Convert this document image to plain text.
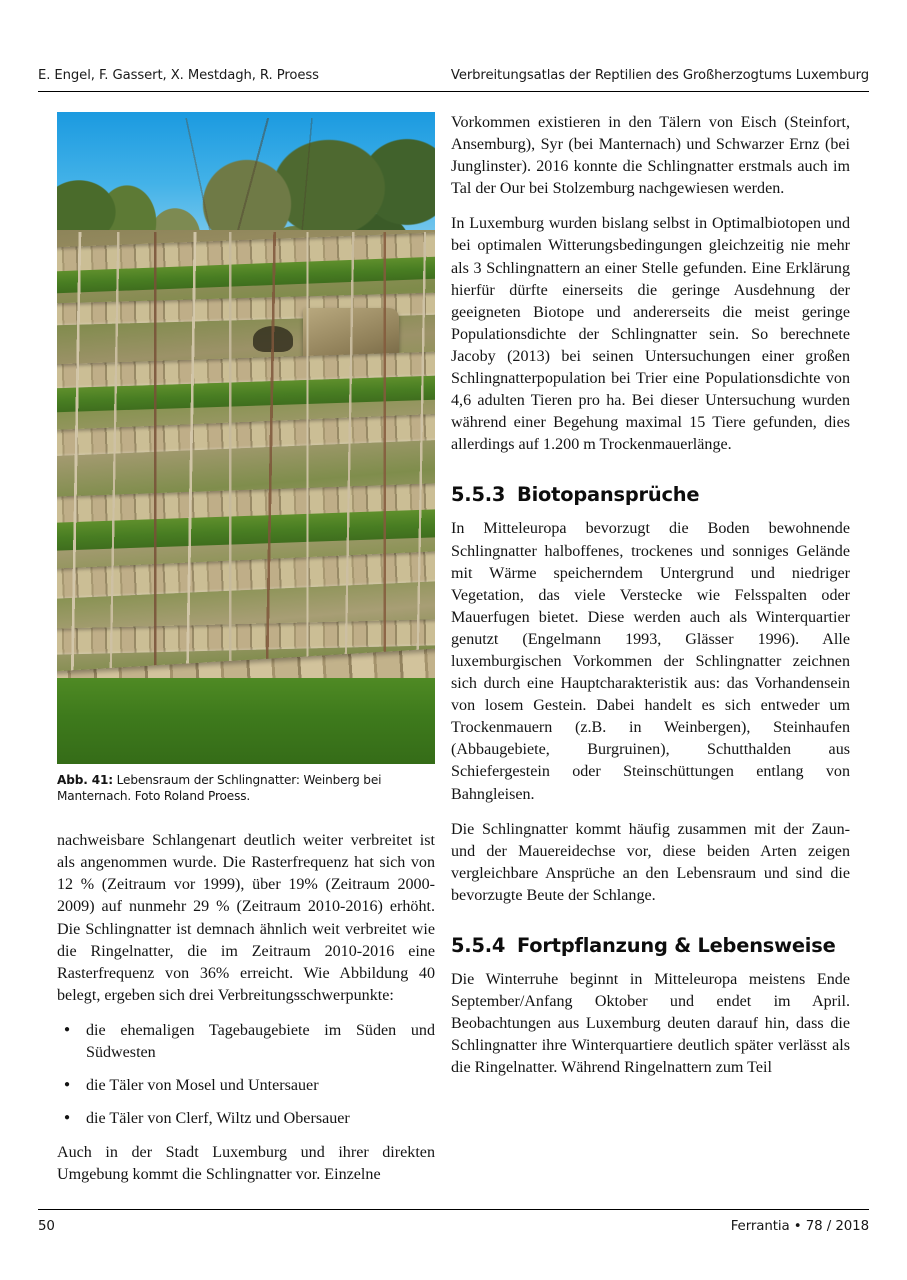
E. Engel, F. Gassert, X. Mestdagh, R. Proess	Verbreitungsatlas der Reptilien des Großherzogtums Luxemburg
Abb. 41: Lebensraum der Schlingnatter: Weinberg bei Manternach. Foto Roland Proess.

nachweisbare Schlangenart deutlich weiter verbreitet ist als angenommen wurde. Die Rasterfrequenz hat sich von 12 % (Zeitraum vor 1999), über 19% (Zeitraum 2000-2009) auf nunmehr 29 % (Zeitraum 2010-2016) erhöht. Die Schlingnatter ist demnach ähnlich weit verbreitet wie die Ringelnatter, die im Zeitraum 2010-2016 eine Rasterfrequenz von 36% erreicht. Wie Abbildung 40 belegt, ergeben sich drei Verbreitungsschwerpunkte:

● die ehemaligen Tagebaugebiete im Süden und Südwesten
● die Täler von Mosel und Untersauer
● die Täler von Clerf, Wiltz und Obersauer

Auch in der Stadt Luxemburg und ihrer direkten Umgebung kommt die Schlingnatter vor. Einzelne

Vorkommen existieren in den Tälern von Eisch (Steinfort, Ansemburg), Syr (bei Manternach) und Schwarzer Ernz (bei Junglinster). 2016 konnte die Schlingnatter erstmals auch im Tal der Our bei Stolzemburg nachgewiesen werden.

In Luxemburg wurden bislang selbst in Optimalbiotopen und bei optimalen Witterungsbedingungen gleichzeitig nie mehr als 3 Schlingnattern an einer Stelle gefunden. Eine Erklärung hierfür dürfte einerseits die geringe Ausdehnung der geeigneten Biotope und andererseits die meist geringe Populationsdichte der Schlingnatter sein. So berechnete Jacoby (2013) bei seinen Untersuchungen einer großen Schlingnatterpopulation bei Trier eine Populationsdichte von 4,6 adulten Tieren pro ha. Bei dieser Untersuchung wurden während einer Begehung maximal 15 Tiere gefunden, dies allerdings auf 1.200 m Trockenmauerlänge.

5.5.3 Biotopansprüche

In Mitteleuropa bevorzugt die Boden bewohnende Schlingnatter halboffenes, trockenes und sonniges Gelände mit Wärme speicherndem Untergrund und niedriger Vegetation, das viele Verstecke wie Felsspalten oder Mauerfugen bietet. Diese werden auch als Winterquartier genutzt (Engelmann 1993, Glässer 1996). Alle luxemburgischen Vorkommen der Schlingnatter zeichnen sich durch eine Hauptcharakteristik aus: das Vorhandensein von losem Gestein. Dabei handelt es sich entweder um Trockenmauern (z.B. in Weinbergen), Steinhaufen (Abbaugebiete, Burgruinen), Schutthalden aus Schiefergestein oder Steinschüttungen entlang von Bahngleisen.

Die Schlingnatter kommt häufig zusammen mit der Zaun- und der Mauereidechse vor, diese beiden Arten zeigen vergleichbare Ansprüche an den Lebensraum und sind die bevorzugte Beute der Schlange.

5.5.4 Fortpflanzung & Lebensweise

Die Winterruhe beginnt in Mitteleuropa meistens Ende September/Anfang Oktober und endet im April. Beobachtungen aus Luxemburg deuten darauf hin, dass die Schlingnatter ihre Winterquartiere deutlich später verlässt als die Ringelnatter. Während Ringelnattern zum Teil

50	Ferrantia • 78 / 2018
